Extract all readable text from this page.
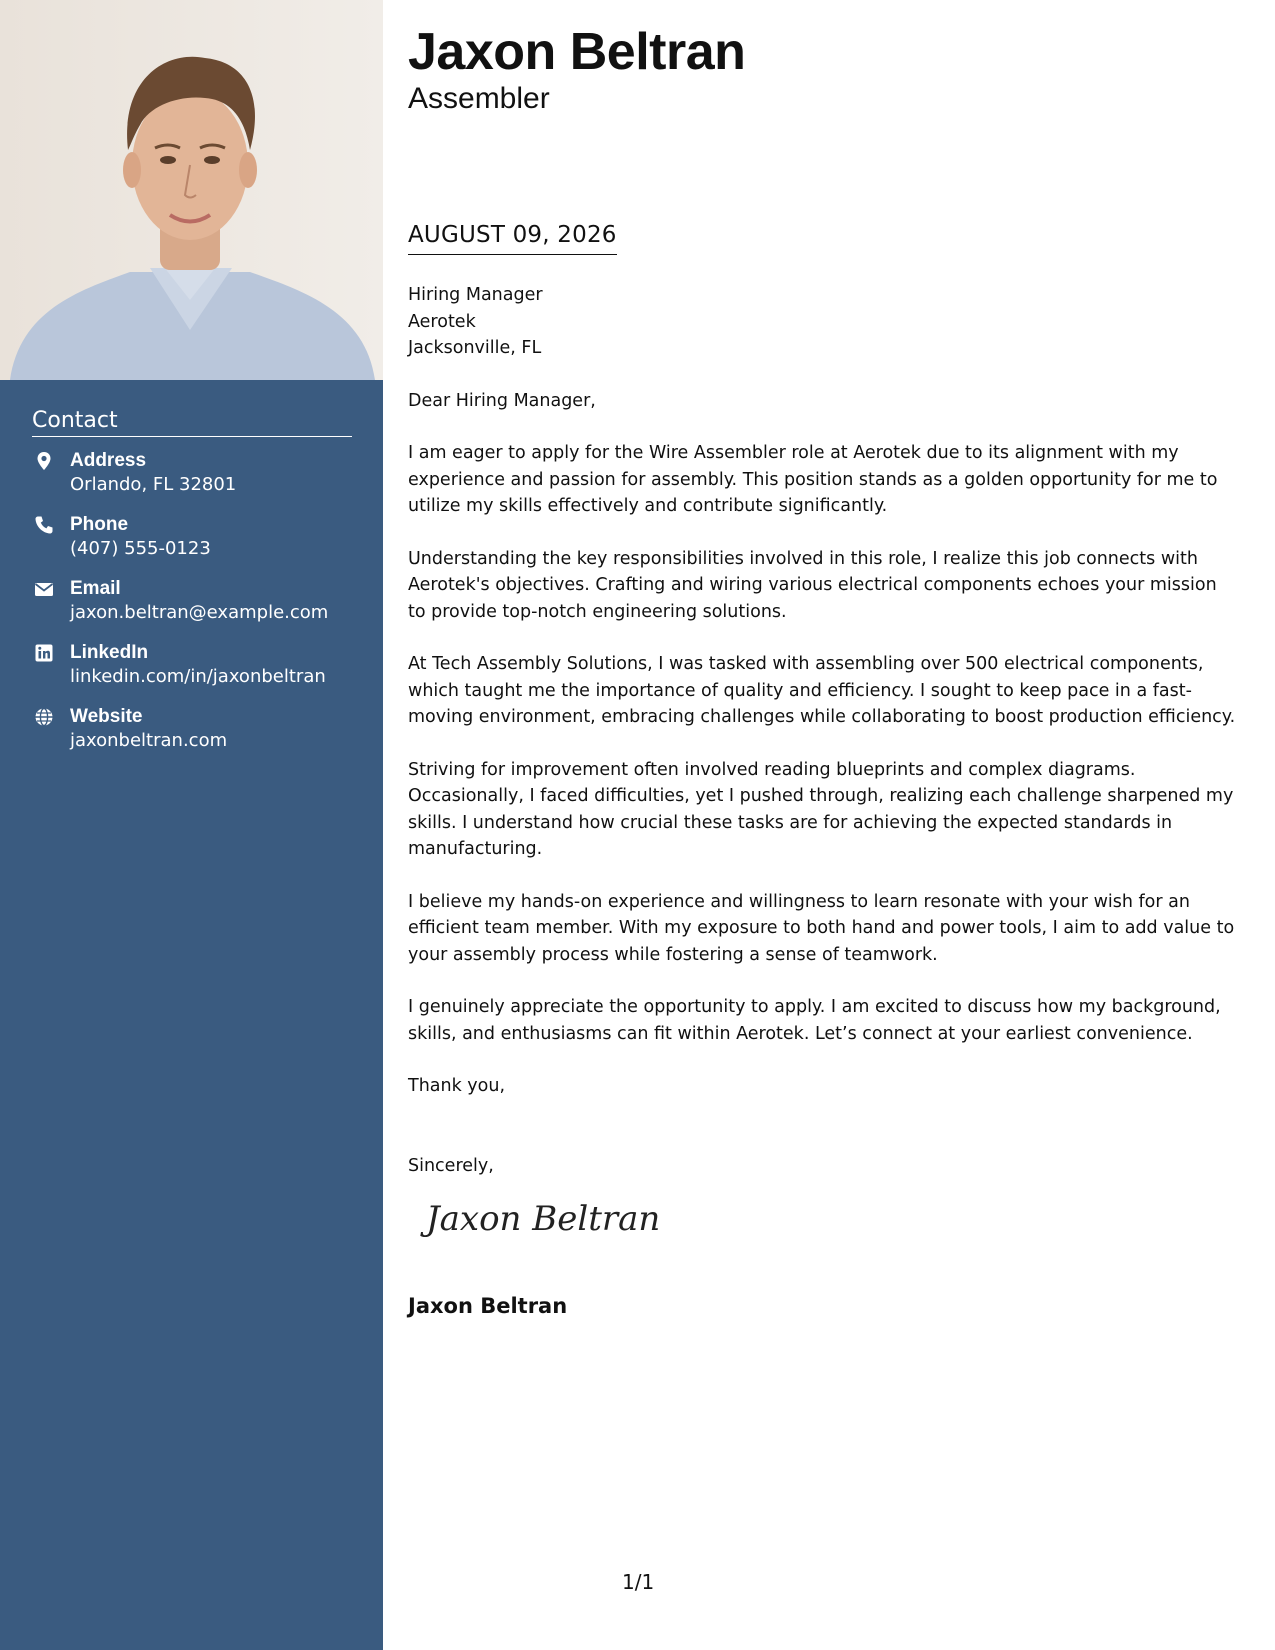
Contact
Address
Orlando, FL 32801
Phone
(407) 555-0123
Email
jaxon.beltran@example.com
LinkedIn
linkedin.com/in/jaxonbeltran
Website
jaxonbeltran.com
Jaxon Beltran
Assembler
AUGUST 09, 2026

Hiring Manager
Aerotek
Jacksonville, FL

Dear Hiring Manager,

I am eager to apply for the Wire Assembler role at Aerotek due to its alignment with my experience and passion for assembly. This position stands as a golden opportunity for me to utilize my skills effectively and contribute significantly.

Understanding the key responsibilities involved in this role, I realize this job connects with Aerotek's objectives. Crafting and wiring various electrical components echoes your mission to provide top-notch engineering solutions.

At Tech Assembly Solutions, I was tasked with assembling over 500 electrical components, which taught me the importance of quality and efficiency. I sought to keep pace in a fast-moving environment, embracing challenges while collaborating to boost production efficiency.

Striving for improvement often involved reading blueprints and complex diagrams. Occasionally, I faced difficulties, yet I pushed through, realizing each challenge sharpened my skills. I understand how crucial these tasks are for achieving the expected standards in manufacturing.

I believe my hands-on experience and willingness to learn resonate with your wish for an efficient team member. With my exposure to both hand and power tools, I aim to add value to your assembly process while fostering a sense of teamwork.

I genuinely appreciate the opportunity to apply. I am excited to discuss how my background, skills, and enthusiasms can fit within Aerotek. Let’s connect at your earliest convenience.

Thank you,

Sincerely,

Jaxon Beltran
Jaxon Beltran
1/1
